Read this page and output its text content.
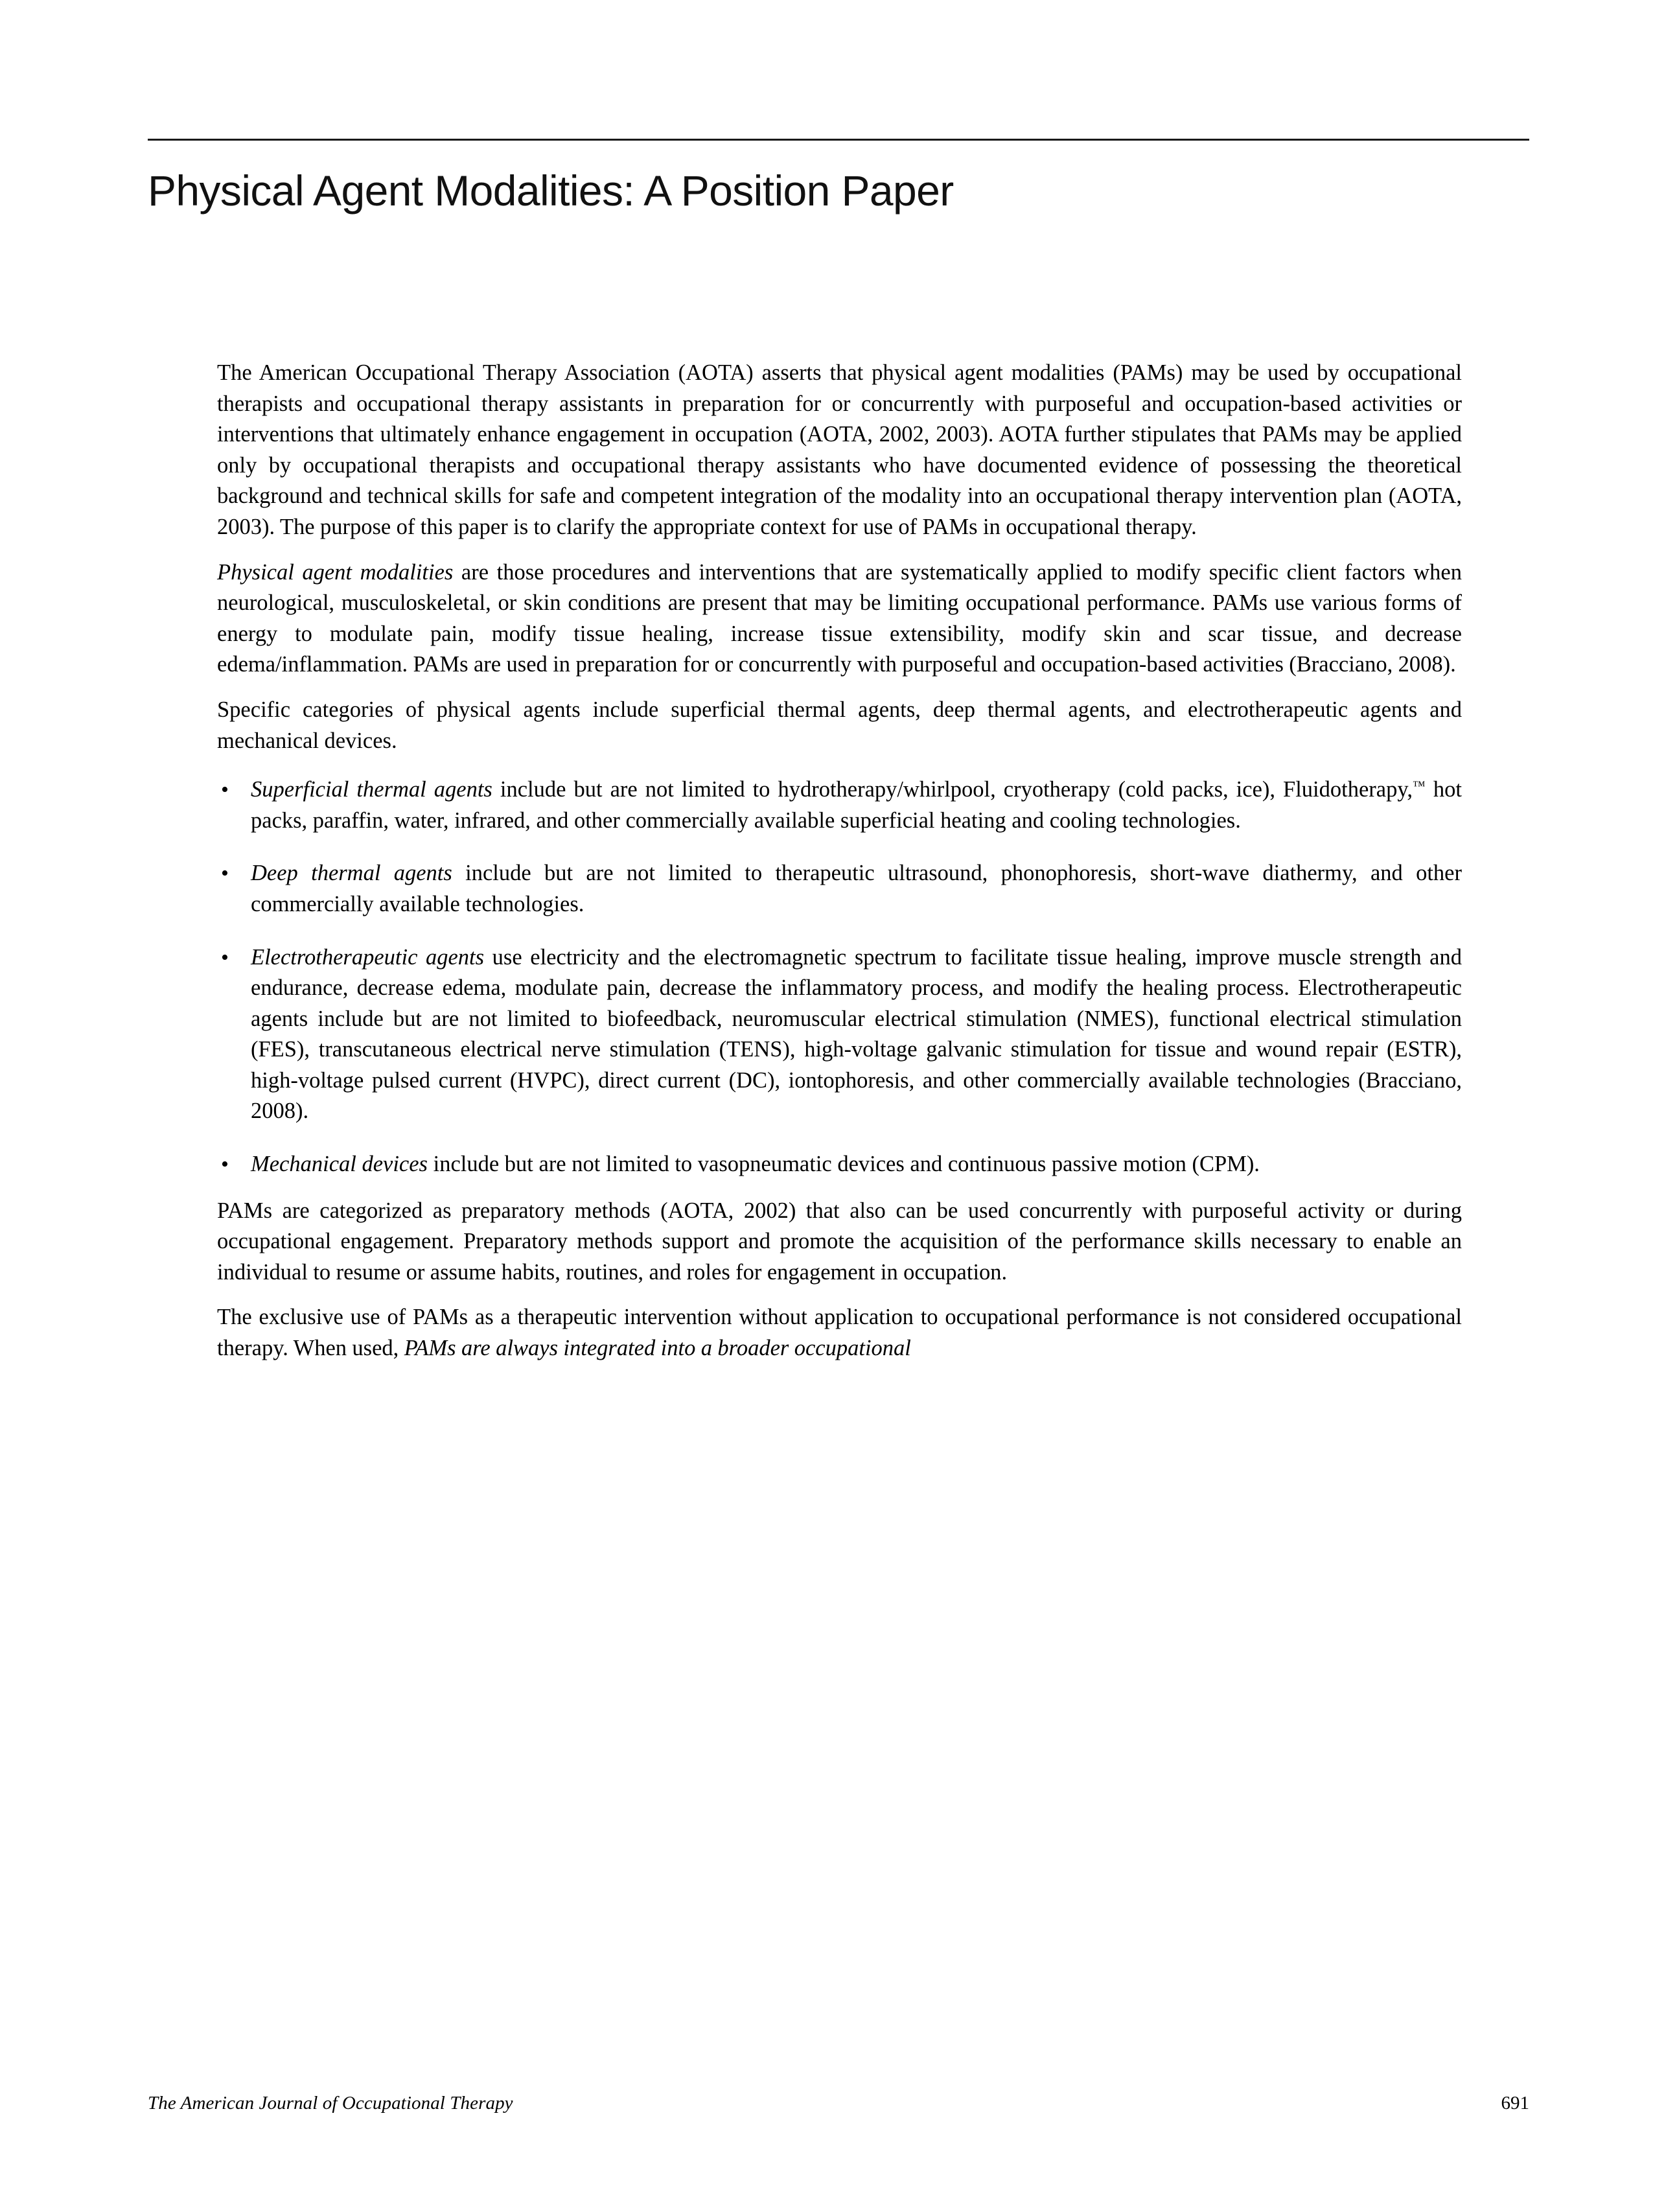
Physical Agent Modalities: A Position Paper

The American Occupational Therapy Association (AOTA) asserts that physical agent modalities (PAMs) may be used by occupational therapists and occupational therapy assistants in preparation for or concurrently with purposeful and occupation-based activities or interventions that ultimately enhance engagement in occupation (AOTA, 2002, 2003). AOTA further stipulates that PAMs may be applied only by occupational therapists and occupational therapy assistants who have documented evidence of possessing the theoretical background and technical skills for safe and competent integration of the modality into an occupational therapy intervention plan (AOTA, 2003). The purpose of this paper is to clarify the appropriate context for use of PAMs in occupational therapy.

Physical agent modalities are those procedures and interventions that are systematically applied to modify specific client factors when neurological, musculoskeletal, or skin conditions are present that may be limiting occupational performance. PAMs use various forms of energy to modulate pain, modify tissue healing, increase tissue extensibility, modify skin and scar tissue, and decrease edema/inflammation. PAMs are used in preparation for or concurrently with purposeful and occupation-based activities (Bracciano, 2008).

Specific categories of physical agents include superficial thermal agents, deep thermal agents, and electrotherapeutic agents and mechanical devices.

• Superficial thermal agents include but are not limited to hydrotherapy/whirlpool, cryotherapy (cold packs, ice), Fluidotherapy,™ hot packs, paraffin, water, infrared, and other commercially available superficial heating and cooling technologies.
• Deep thermal agents include but are not limited to therapeutic ultrasound, phonophoresis, short-wave diathermy, and other commercially available technologies.
• Electrotherapeutic agents use electricity and the electromagnetic spectrum to facilitate tissue healing, improve muscle strength and endurance, decrease edema, modulate pain, decrease the inflammatory process, and modify the healing process. Electrotherapeutic agents include but are not limited to biofeedback, neuromuscular electrical stimulation (NMES), functional electrical stimulation (FES), transcutaneous electrical nerve stimulation (TENS), high-voltage galvanic stimulation for tissue and wound repair (ESTR), high-voltage pulsed current (HVPC), direct current (DC), iontophoresis, and other commercially available technologies (Bracciano, 2008).
• Mechanical devices include but are not limited to vasopneumatic devices and continuous passive motion (CPM).

PAMs are categorized as preparatory methods (AOTA, 2002) that also can be used concurrently with purposeful activity or during occupational engagement. Preparatory methods support and promote the acquisition of the performance skills necessary to enable an individual to resume or assume habits, routines, and roles for engagement in occupation.

The exclusive use of PAMs as a therapeutic intervention without application to occupational performance is not considered occupational therapy. When used, PAMs are always integrated into a broader occupational

The American Journal of Occupational Therapy	691
